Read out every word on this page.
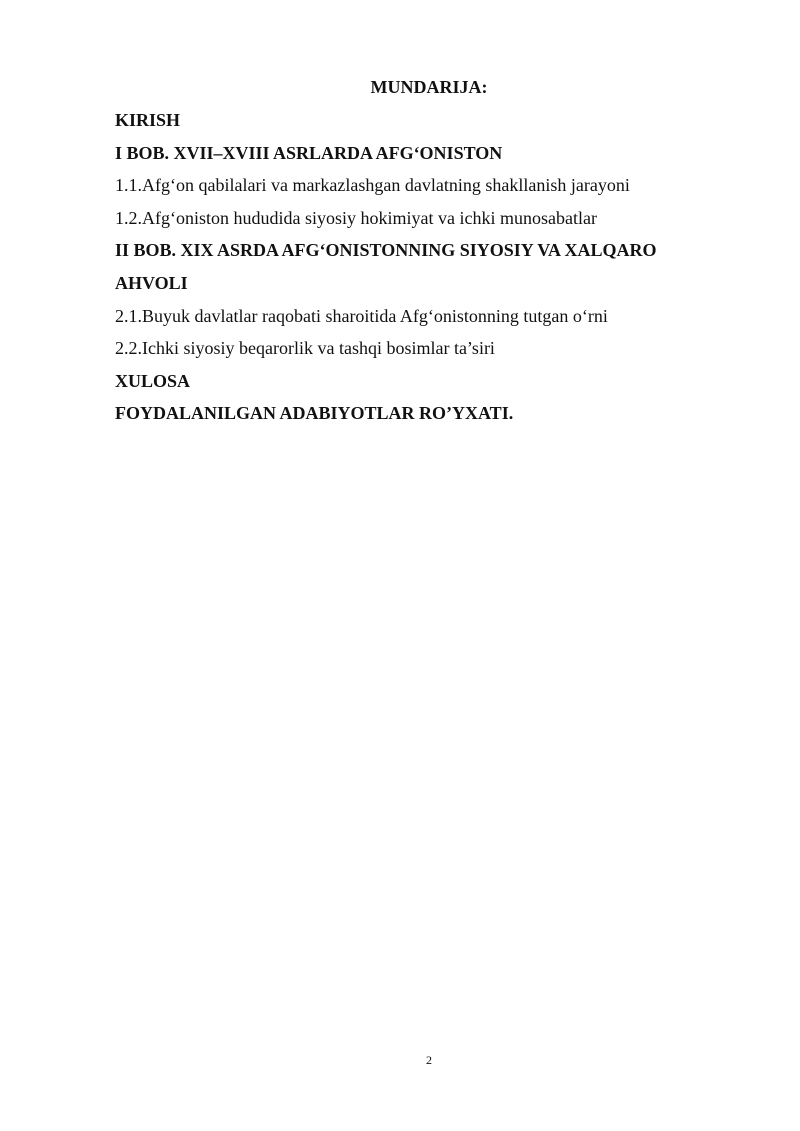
MUNDARIJA:
KIRISH
I BOB. XVII–XVIII ASRLARDA AFG‘ONISTON
1.1.Afg‘on qabilalari va markazlashgan davlatning shakllanish jarayoni
1.2.Afg‘oniston hududida siyosiy hokimiyat va ichki munosabatlar
II BOB. XIX ASRDA AFG‘ONISTONNING SIYOSIY VA XALQARO
AHVOLI
2.1.Buyuk davlatlar raqobati sharoitida Afg‘onistonning tutgan o‘rni
2.2.Ichki siyosiy beqarorlik va tashqi bosimlar ta’siri
XULOSA
FOYDALANILGAN ADABIYOTLAR RO’YXATI.
2
